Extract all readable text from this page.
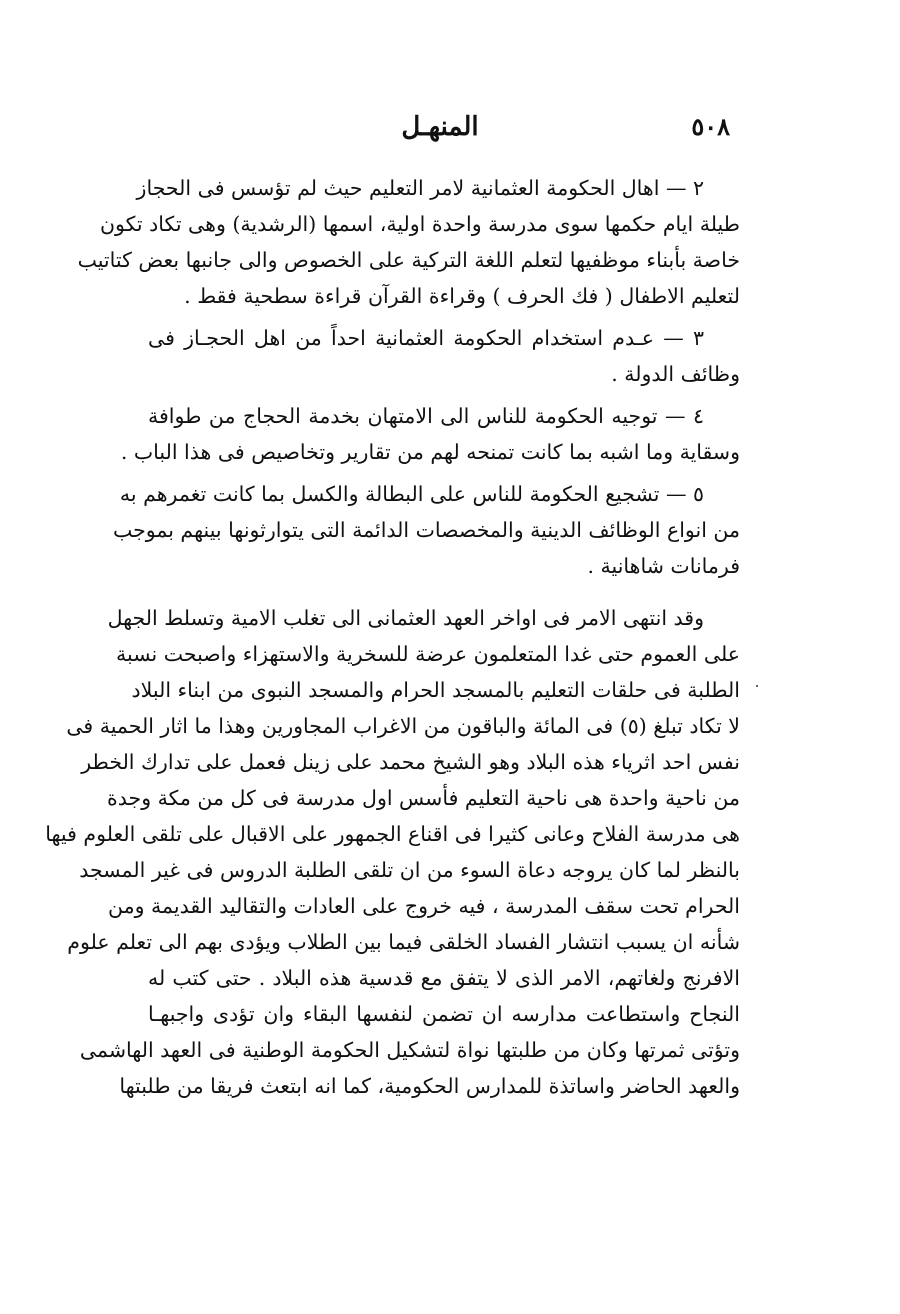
٥٠٨
المنهـل
٢ — اهال الحكومة العثمانية لامر التعليم حيث لم تؤسس فى الحجاز
طيلة ايام حكمها سوى مدرسة واحدة اولية، اسمها (الرشدية) وهى تكاد تكون
خاصة بأبناء موظفيها لتعلم اللغة التركية على الخصوص والى جانبها بعض كتاتيب
لتعليم الاطفال ( فك الحرف ) وقراءة القرآن قراءة سطحية فقط .
٣ — عـدم استخدام الحكومة العثمانية احداً من اهل الحجـاز فى
وظائف الدولة .
٤ — توجيه الحكومة للناس الى الامتهان بخدمة الحجاج من طوافة
وسقاية وما اشبه بما كانت تمنحه لهم من تقارير وتخاصيص فى هذا الباب .
٥ — تشجيع الحكومة للناس على البطالة والكسل بما كانت تغمرهم به
من انواع الوظائف الدينية والمخصصات الدائمة التى يتوارثونها بينهم بموجب
فرمانات شاهانية .
وقد انتهى الامر فى اواخر العهد العثمانى الى تغلب الامية وتسلط الجهل
على العموم حتى غدا المتعلمون عرضة للسخرية والاستهزاء واصبحت نسبة
الطلبة فى حلقات التعليم بالمسجد الحرام والمسجد النبوى من ابناء البلاد
لا تكاد تبلغ (٥) فى المائة والباقون من الاغراب المجاورين وهذا ما اثار الحمية فى
نفس احد اثرياء هذه البلاد وهو الشيخ محمد على زينل فعمل على تدارك الخطر
من ناحية واحدة هى ناحية التعليم فأسس اول مدرسة فى كل من مكة وجدة
هى مدرسة الفلاح وعانى كثيرا فى اقناع الجمهور على الاقبال على تلقى العلوم فيها
بالنظر لما كان يروجه دعاة السوء من ان تلقى الطلبة الدروس فى غير المسجد
الحرام تحت سقف المدرسة ، فيه خروج على العادات والتقاليد القديمة ومن
شأنه ان يسبب انتشار الفساد الخلقى فيما بين الطلاب ويؤدى بهم الى تعلم علوم
الافرنج ولغاتهم، الامر الذى لا يتفق مع قدسية هذه البلاد . حتى كتب له
النجاح واستطاعت مدارسه ان تضمن لنفسها البقاء وان تؤدى واجبهـا
وتؤتى ثمرتها وكان من طلبتها نواة لتشكيل الحكومة الوطنية فى العهد الهاشمى
والعهد الحاضر واساتذة للمدارس الحكومية، كما انه ابتعث فريقا من طلبتها
